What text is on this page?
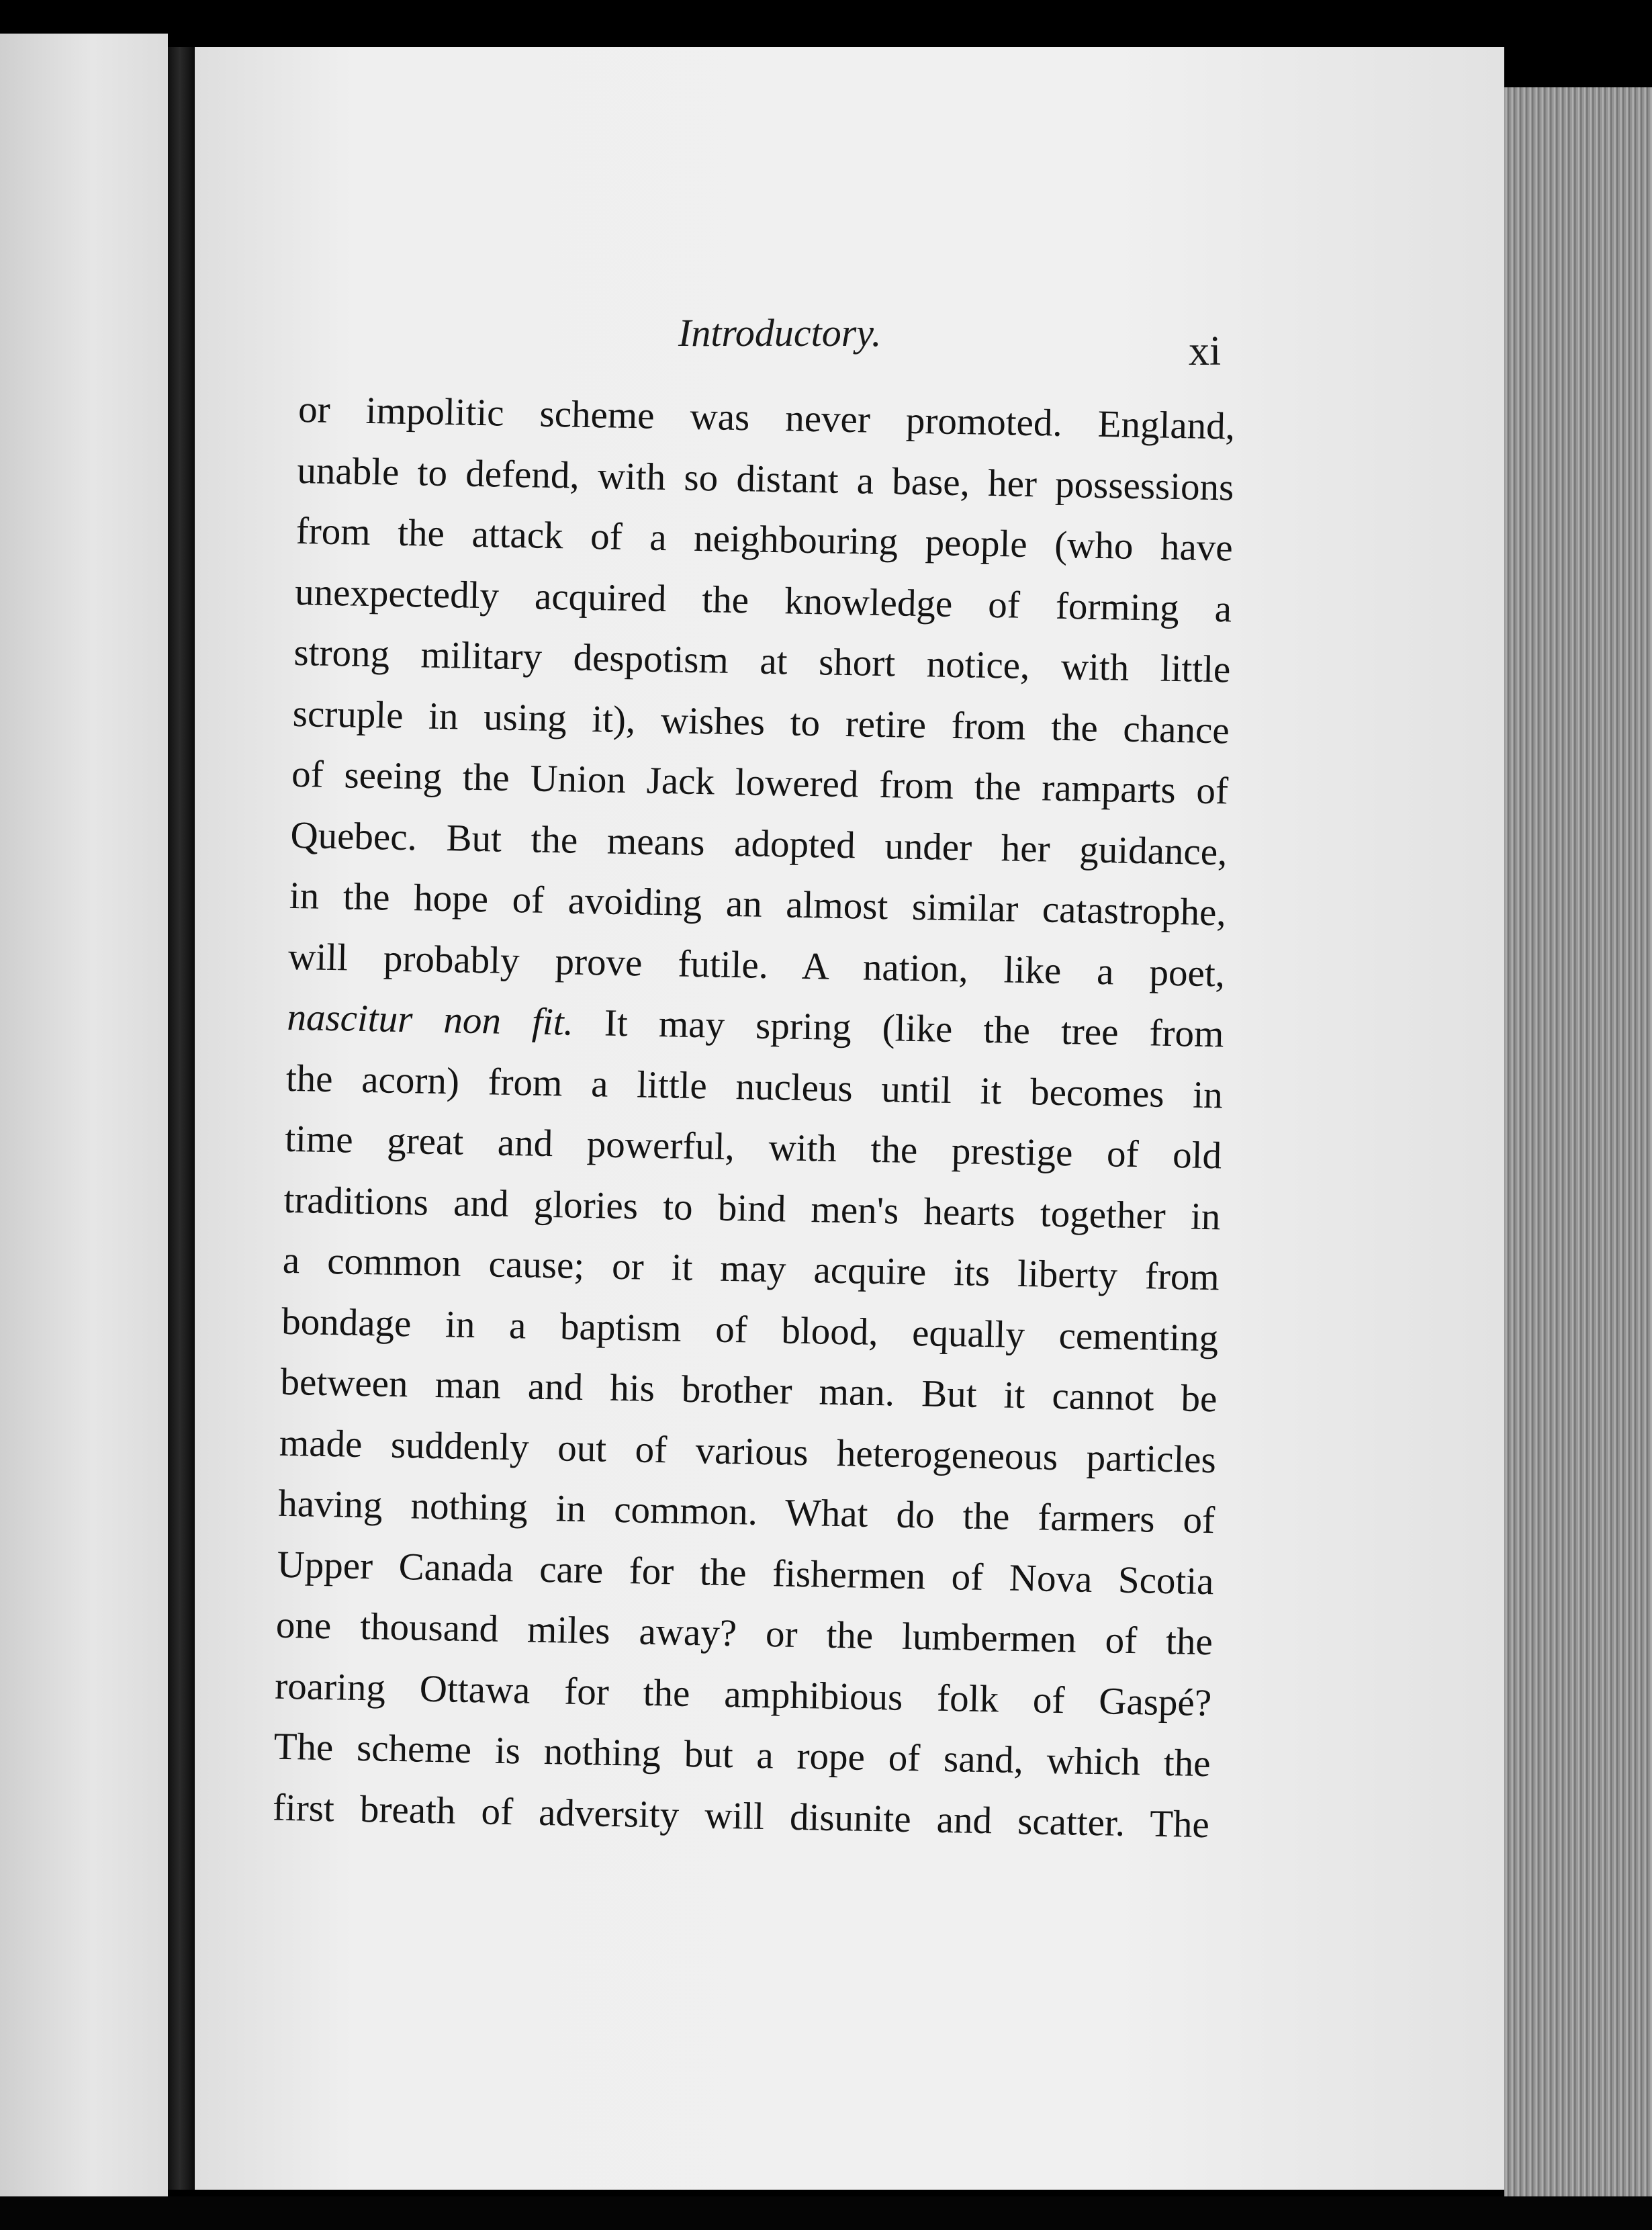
Introductory.	xi
or impolitic scheme was never promoted. England,
unable to defend, with so distant a base, her possessions
from the attack of a neighbouring people (who have
unexpectedly acquired the knowledge of forming a
strong military despotism at short notice, with little
scruple in using it), wishes to retire from the chance
of seeing the Union Jack lowered from the ramparts of
Quebec. But the means adopted under her guidance,
in the hope of avoiding an almost similar catastrophe,
will probably prove futile. A nation, like a poet,
nascitur non fit. It may spring (like the tree from
the acorn) from a little nucleus until it becomes in
time great and powerful, with the prestige of old
traditions and glories to bind men's hearts together in
a common cause; or it may acquire its liberty from
bondage in a baptism of blood, equally cementing
between man and his brother man. But it cannot be
made suddenly out of various heterogeneous particles
having nothing in common. What do the farmers of
Upper Canada care for the fishermen of Nova Scotia
one thousand miles away? or the lumbermen of the
roaring Ottawa for the amphibious folk of Gaspé?
The scheme is nothing but a rope of sand, which the
first breath of adversity will disunite and scatter. The
